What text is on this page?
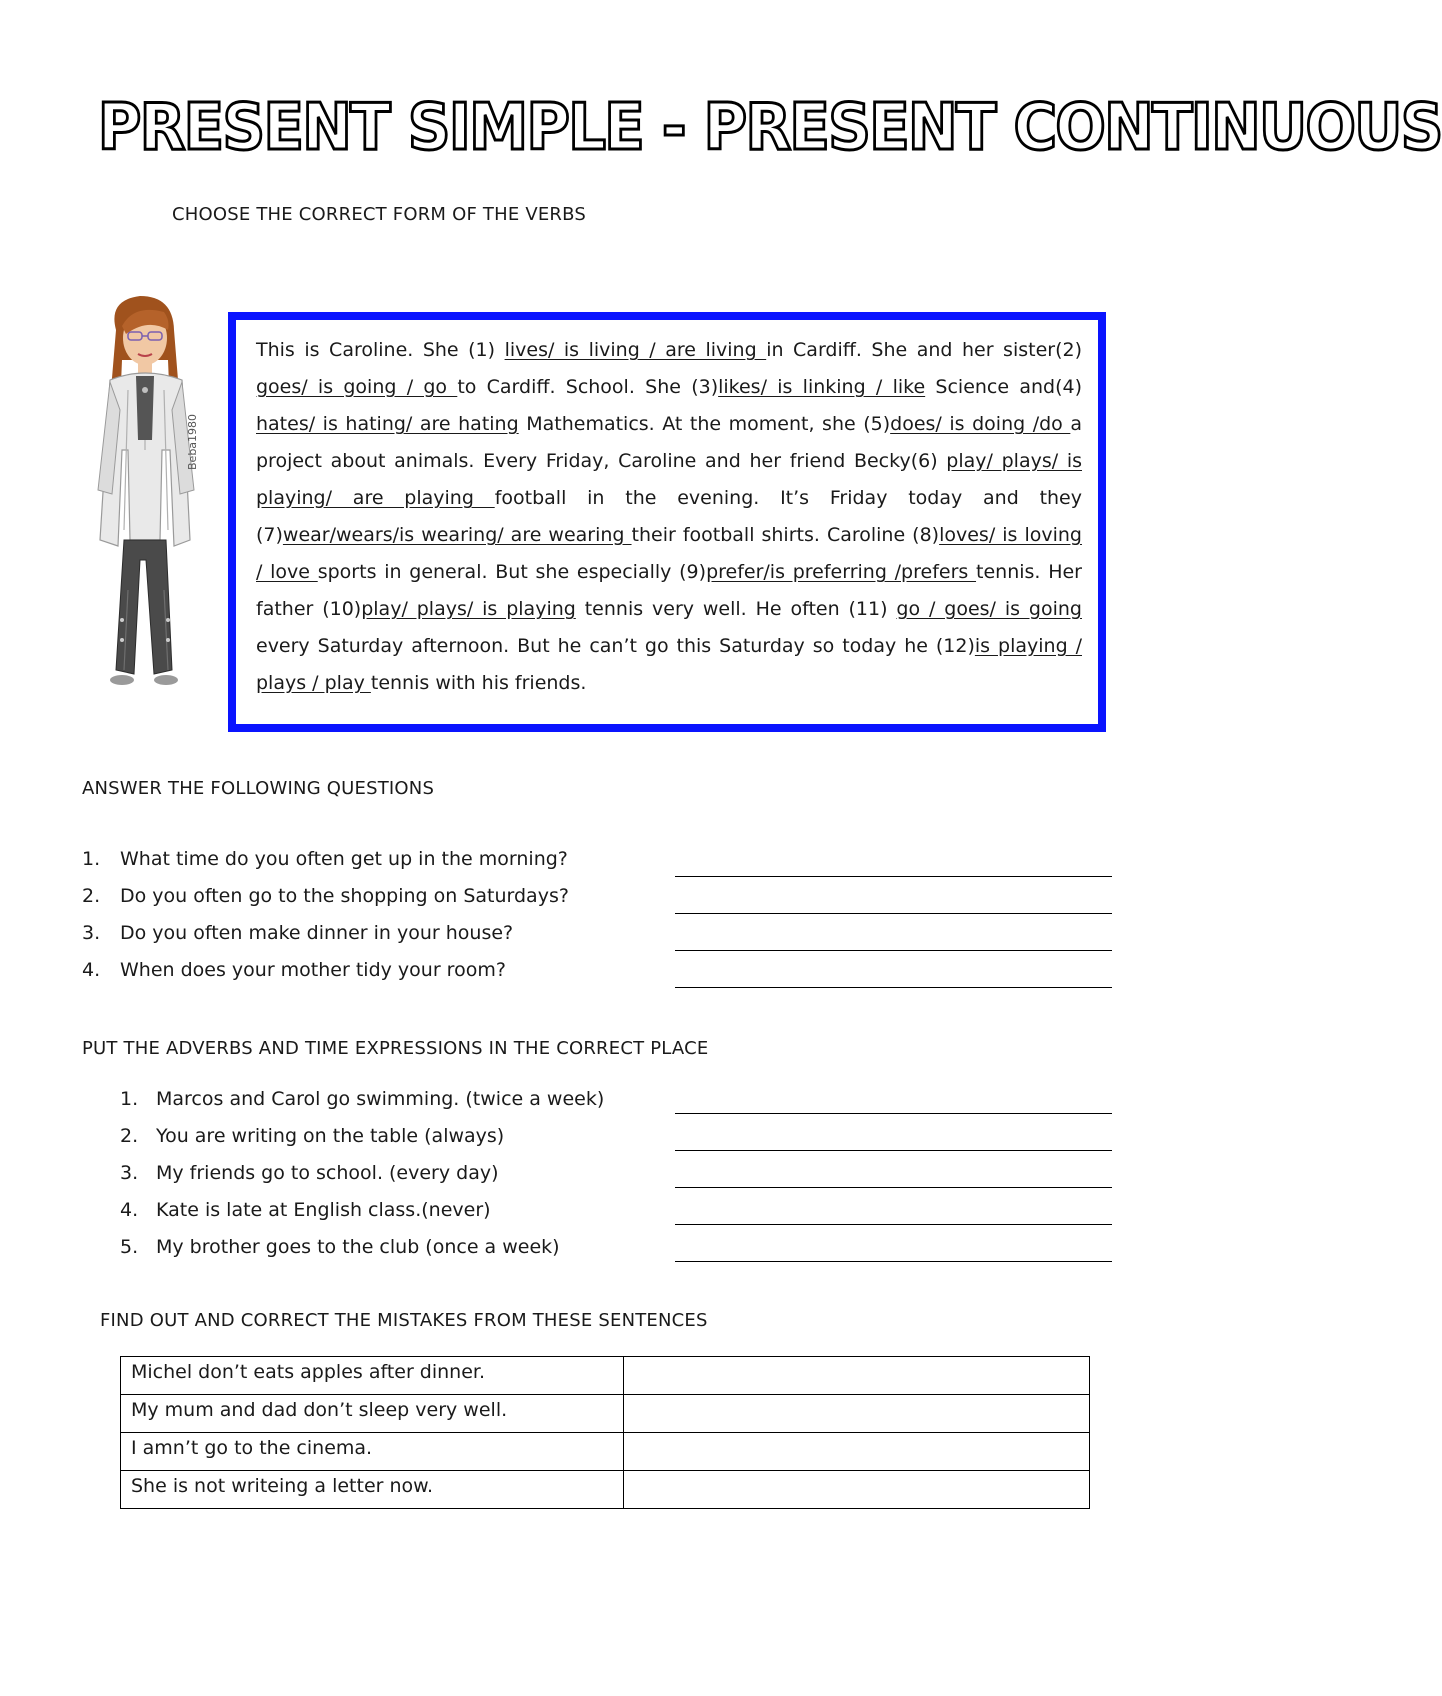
PRESENT SIMPLE - PRESENT CONTINUOUS
CHOOSE THE CORRECT FORM OF THE VERBS
Beba1980
This is Caroline. She (1) lives/ is living / are living in Cardiff. She and her sister(2) goes/ is going / go to Cardiff. School. She (3)likes/ is linking / like Science and(4) hates/ is hating/ are hating Mathematics. At the moment, she (5)does/ is doing /do a project about animals. Every Friday, Caroline and her friend Becky(6) play/ plays/ is playing/ are playing football in the evening. It’s Friday today and they (7)wear/wears/is wearing/ are wearing their football shirts. Caroline (8)loves/ is loving / love sports in general. But she especially (9)prefer/is preferring /prefers tennis. Her father (10)play/ plays/ is playing tennis very well. He often (11) go / goes/ is going every Saturday afternoon. But he can’t go this Saturday so today he (12)is playing / plays / play tennis with his friends.
ANSWER THE FOLLOWING QUESTIONS
1. What time do you often get up in the morning?
2. Do you often go to the shopping on Saturdays?
3. Do you often make dinner in your house?
4. When does your mother tidy your room?
PUT THE ADVERBS AND TIME EXPRESSIONS IN THE CORRECT PLACE
1. Marcos and Carol go swimming. (twice a week)
2. You are writing on the table (always)
3. My friends go to school. (every day)
4. Kate is late at English class.(never)
5. My brother goes to the club (once a week)
FIND OUT AND CORRECT THE MISTAKES FROM THESE SENTENCES
Michel don’t eats apples after dinner.	
My mum and dad don’t sleep very well.	
I amn’t go to the cinema.	
She is not writeing a letter now.	
